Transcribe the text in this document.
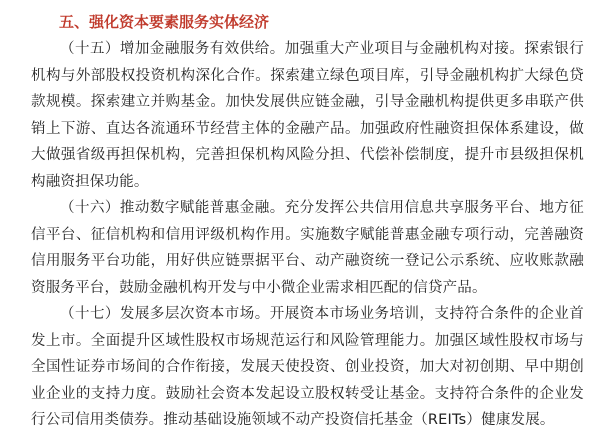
五、强化资本要素服务实体经济

（十五）增加金融服务有效供给。加强重大产业项目与金融机构对接。探索银行机构与外部股权投资机构深化合作。探索建立绿色项目库，引导金融机构扩大绿色贷款规模。探索建立并购基金。加快发展供应链金融，引导金融机构提供更多串联产供销上下游、直达各流通环节经营主体的金融产品。加强政府性融资担保体系建设，做大做强省级再担保机构，完善担保机构风险分担、代偿补偿制度，提升市县级担保机构融资担保功能。

（十六）推动数字赋能普惠金融。充分发挥公共信用信息共享服务平台、地方征信平台、征信机构和信用评级机构作用。实施数字赋能普惠金融专项行动，完善融资信用服务平台功能，用好供应链票据平台、动产融资统一登记公示系统、应收账款融资服务平台，鼓励金融机构开发与中小微企业需求相匹配的信贷产品。

（十七）发展多层次资本市场。开展资本市场业务培训，支持符合条件的企业首发上市。全面提升区域性股权市场规范运行和风险管理能力。加强区域性股权市场与全国性证券市场间的合作衔接，发展天使投资、创业投资，加大对初创期、早中期创业企业的支持力度。鼓励社会资本发起设立股权转受让基金。支持符合条件的企业发行公司信用类债券。推动基础设施领域不动产投资信托基金（REITs）健康发展。
